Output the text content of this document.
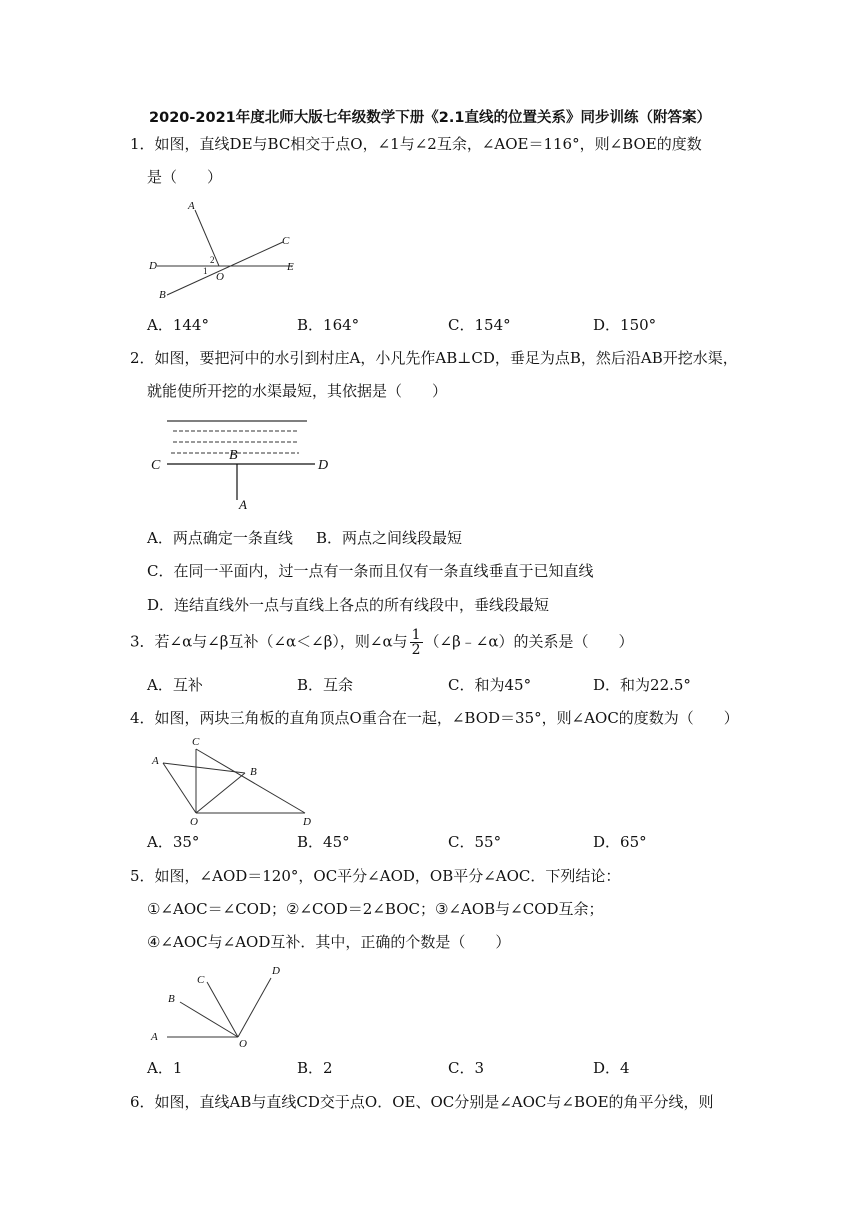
2020-2021年度北师大版七年级数学下册《2.1直线的位置关系》同步训练（附答案）
1．如图，直线DE与BC相交于点O，∠1与∠2互余，∠AOE＝116°，则∠BOE的度数
是（　　）
A
C
D	E
B
O
1
2
A．144°	B．164°	C．154°	D．150°
2．如图，要把河中的水引到村庄A，小凡先作AB⊥CD，垂足为点B，然后沿AB开挖水渠，
就能使所开挖的水渠最短，其依据是（　　）
C
B
D
A
A．两点确定一条直线 B．两点之间线段最短
C．在同一平面内，过一点有一条而且仅有一条直线垂直于已知直线
D．连结直线外一点与直线上各点的所有线段中，垂线段最短
3．若∠α与∠β互补（∠α＜∠β），则∠α与 $\frac{1}{2}$ （∠β﹣∠α）的关系是（　　）
A．互补	B．互余	C．和为45°	D．和为22.5°
4．如图，两块三角板的直角顶点O重合在一起，∠BOD＝35°，则∠AOC的度数为（　　）
C
A
B
O	D
A．35°	B．45°	C．55°	D．65°
5．如图，∠AOD＝120°，OC平分∠AOD，OB平分∠AOC．下列结论：
①∠AOC＝∠COD；②∠COD＝2∠BOC；③∠AOB与∠COD互余；
④∠AOC与∠AOD互补．其中，正确的个数是（　　）
C
D
B
A
O
A．1	B．2	C．3	D．4
6．如图，直线AB与直线CD交于点O．OE、OC分别是∠AOC与∠BOE的角平分线，则
